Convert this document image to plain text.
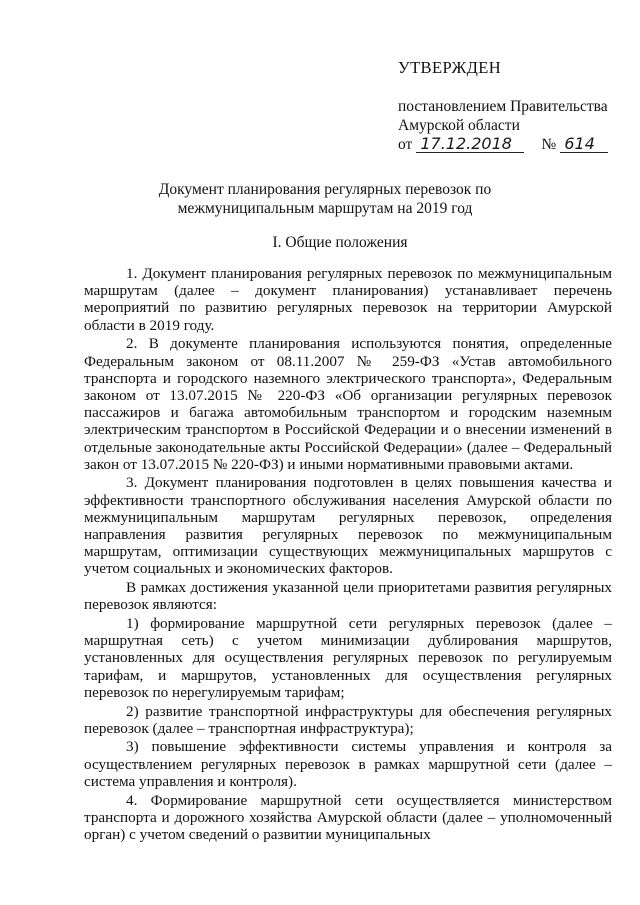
УТВЕРЖДЕН
постановлением Правительства
Амурской области
от 17.12.2018	№ 614
Документ планирования регулярных перевозок по межмуниципальным маршрутам на 2019 год
I. Общие положения

1. Документ планирования регулярных перевозок по межмуниципальным маршрутам (далее – документ планирования) устанавливает перечень мероприятий по развитию регулярных перевозок на территории Амурской области в 2019 году.

2. В документе планирования используются понятия, определенные Федеральным законом от 08.11.2007 № 259-ФЗ «Устав автомобильного транспорта и городского наземного электрического транспорта», Федеральным законом от 13.07.2015 № 220-ФЗ «Об организации регулярных перевозок пассажиров и багажа автомобильным транспортом и городским наземным электрическим транспортом в Российской Федерации и о внесении изменений в отдельные законодательные акты Российской Федерации» (далее – Федеральный закон от 13.07.2015 № 220-ФЗ) и иными нормативными правовыми актами.

3. Документ планирования подготовлен в целях повышения качества и эффективности транспортного обслуживания населения Амурской области по межмуниципальным маршрутам регулярных перевозок, определения направления развития регулярных перевозок по межмуниципальным маршрутам, оптимизации существующих межмуниципальных маршрутов с учетом социальных и экономических факторов.

В рамках достижения указанной цели приоритетами развития регулярных перевозок являются:

1) формирование маршрутной сети регулярных перевозок (далее – маршрутная сеть) с учетом минимизации дублирования маршрутов, установленных для осуществления регулярных перевозок по регулируемым тарифам, и маршрутов, установленных для осуществления регулярных перевозок по нерегулируемым тарифам;

2) развитие транспортной инфраструктуры для обеспечения регулярных перевозок (далее – транспортная инфраструктура);

3) повышение эффективности системы управления и контроля за осуществлением регулярных перевозок в рамках маршрутной сети (далее – система управления и контроля).

4. Формирование маршрутной сети осуществляется министерством транспорта и дорожного хозяйства Амурской области (далее – уполномоченный орган) с учетом сведений о развитии муниципальных
